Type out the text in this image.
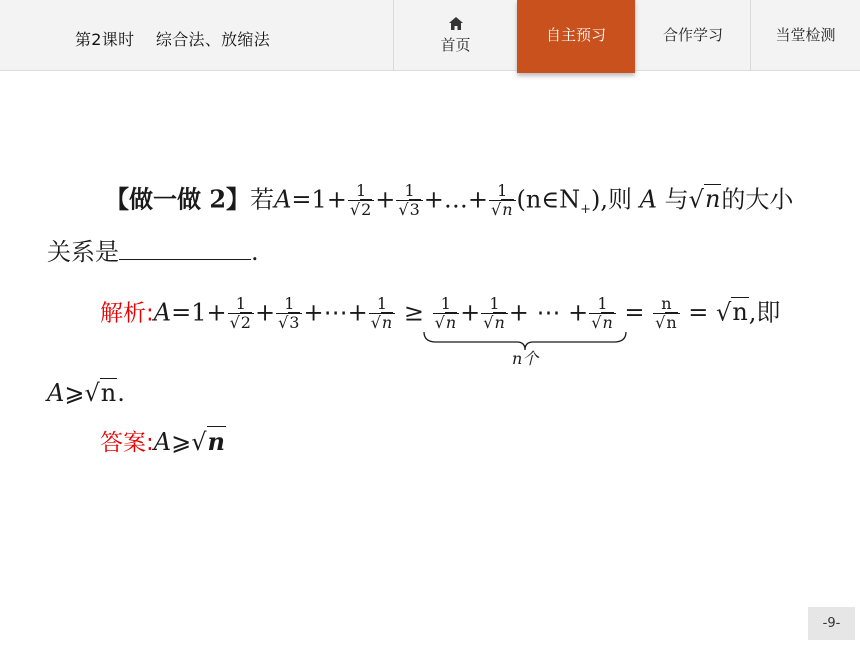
第2课时    综合法、放缩法	首页
自主预习	合作学习	当堂检测
【做一做 2】若$A=1+ \frac{1}{√2} + \frac{1}{√3}$ +…+ $\frac{1}{√n}$ $(n\in N_+)$,则 A 与√n的大小
关系是	.
解析:A=1+ $\frac{1}{√2} + \frac{1}{√3}$ +⋯+ $\frac{1}{√n} \ge \frac{1}{√n} + \frac{1}{√n}$ + ⋯ + $\frac{1}{√n} = \frac{n}{√n} = √n$,即
n个
A⩾√n.
答案:A⩾√n
-9-
